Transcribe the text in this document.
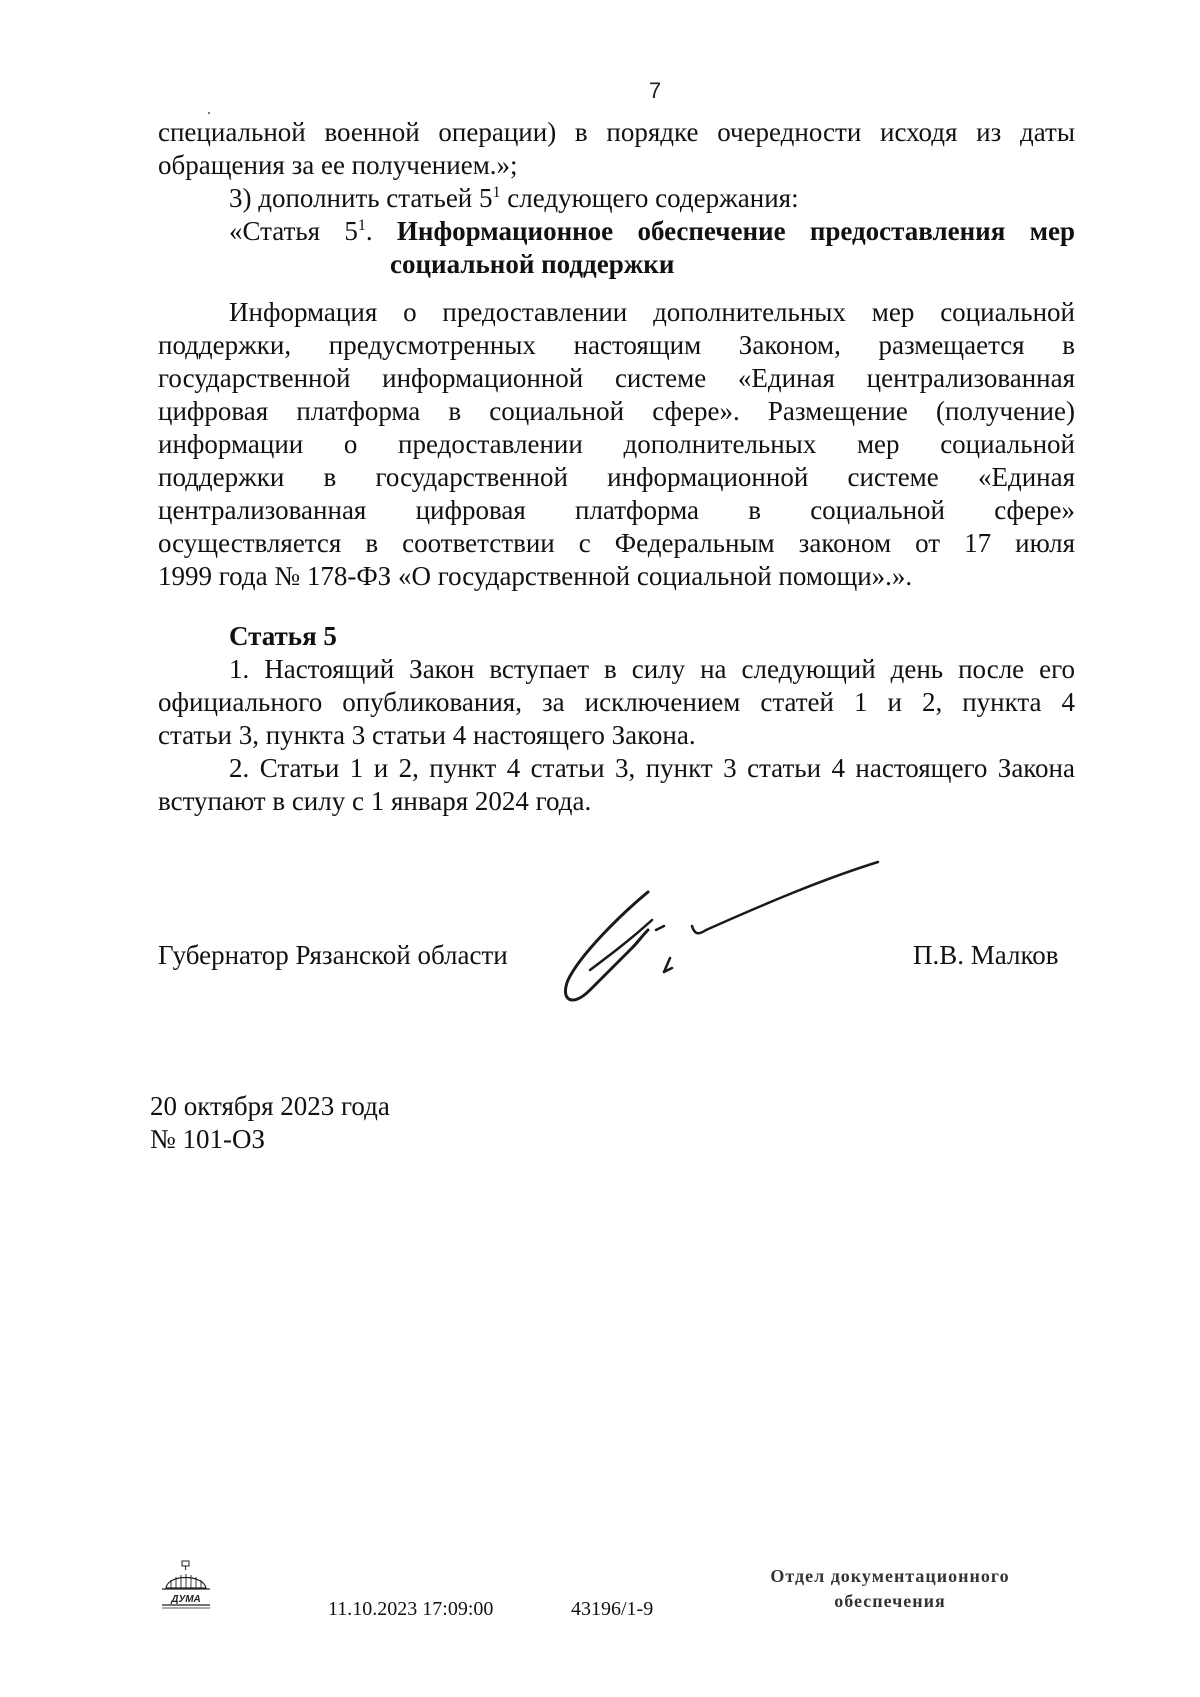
7

специальной военной операции) в порядке очередности исходя из даты

обращения за ее получением.»;

3) дополнить статьей $5^1$ следующего содержания:

«Статья $5^1$. Информационное обеспечение предоставления мер

социальной поддержки

Информация о предоставлении дополнительных мер социальной

поддержки, предусмотренных настоящим Законом, размещается в

государственной информационной системе «Единая централизованная

цифровая платформа в социальной сфере». Размещение (получение)

информации о предоставлении дополнительных мер социальной

поддержки в государственной информационной системе «Единая

централизованная цифровая платформа в социальной сфере»

осуществляется в соответствии с Федеральным законом от 17 июля

1999 года № 178-ФЗ «О государственной социальной помощи».».

Статья 5

1. Настоящий Закон вступает в силу на следующий день после его

официального опубликования, за исключением статей 1 и 2, пункта 4

статьи 3, пункта 3 статьи 4 настоящего Закона.

2. Статьи 1 и 2, пункт 4 статьи 3, пункт 3 статьи 4 настоящего Закона

вступают в силу с 1 января 2024 года.

Губернатор Рязанской области	П.В. Малков
20 октября 2023 года
№ 101-ОЗ
ДУМА	11.10.2023 17:09:00	43196/1-9
Отдел документационного
обеспечения
